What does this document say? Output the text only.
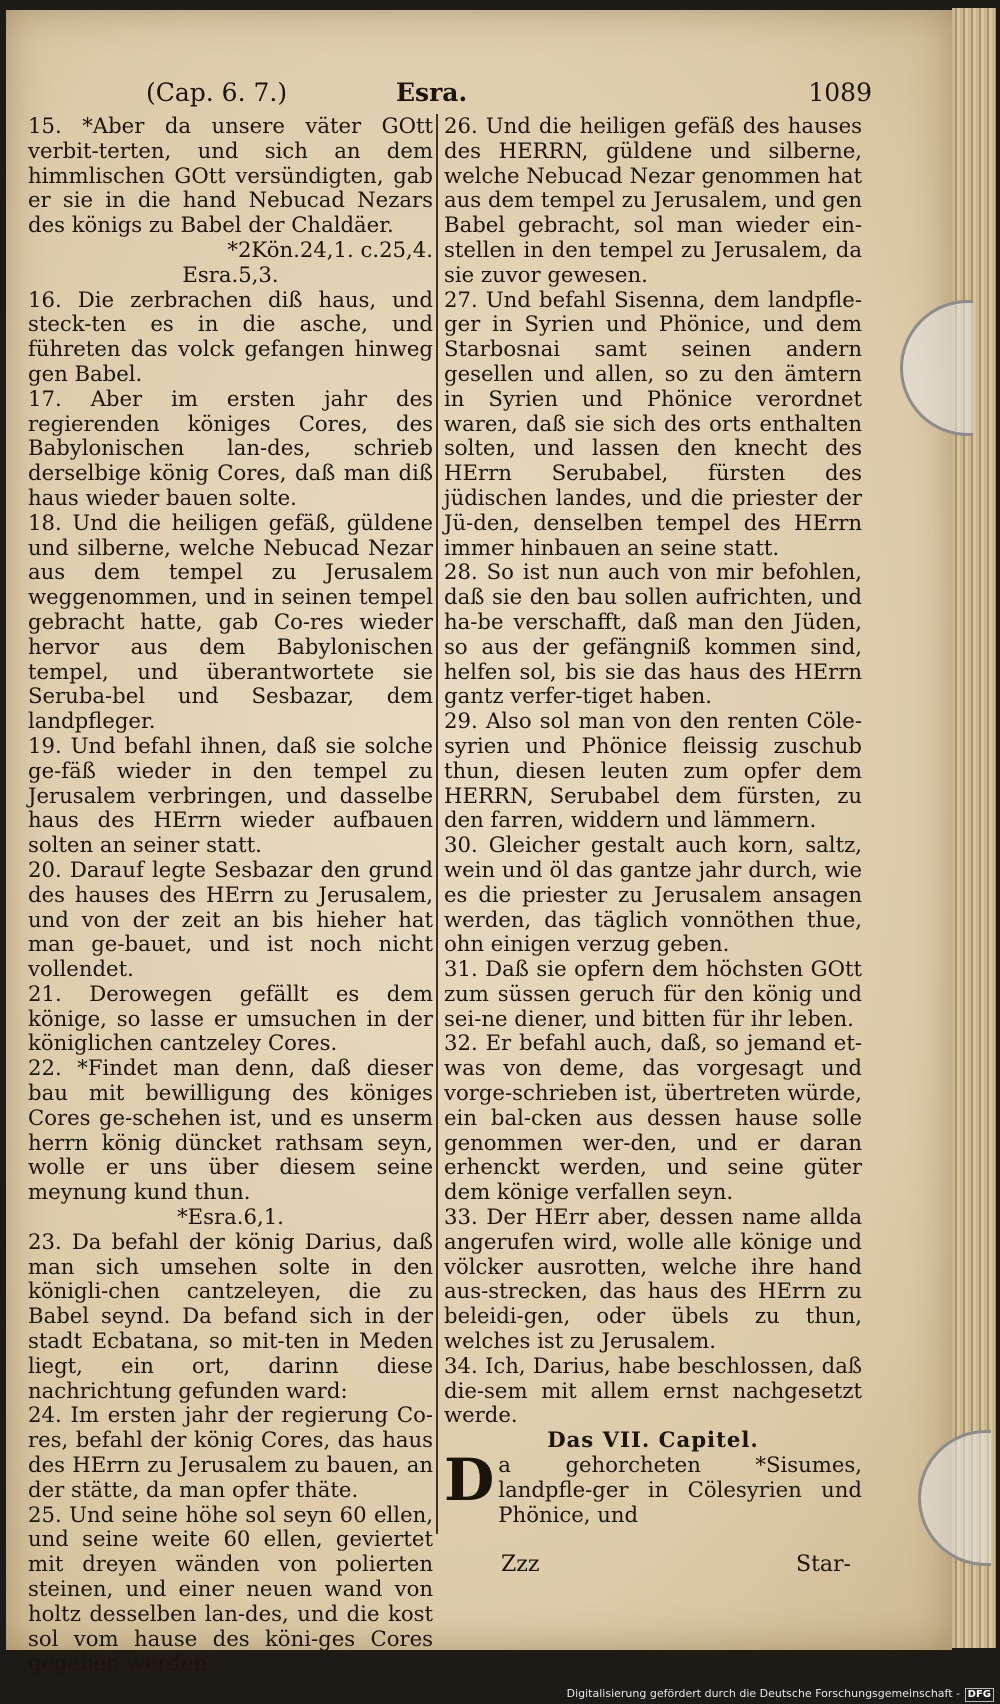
(Cap. 6. 7.)	Esra.	1089

15. *Aber da unsere väter GOtt verbit-terten, und sich an dem himmlischen GOtt versündigten, gab er sie in die hand Nebucad Nezars des königs zu Babel der Chaldäer.

*2Kön.24,1. c.25,4.

Esra.5,3.

16. Die zerbrachen diß haus, und steck-ten es in die asche, und führeten das volck gefangen hinweg gen Babel.

17. Aber im ersten jahr des regierenden königes Cores, des Babylonischen lan-des, schrieb derselbige könig Cores, daß man diß haus wieder bauen solte.

18. Und die heiligen gefäß, güldene und silberne, welche Nebucad Nezar aus dem tempel zu Jerusalem weggenommen, und in seinen tempel gebracht hatte, gab Co-res wieder hervor aus dem Babylonischen tempel, und überantwortete sie Seruba-bel und Sesbazar, dem landpfleger.

19. Und befahl ihnen, daß sie solche ge-fäß wieder in den tempel zu Jerusalem verbringen, und dasselbe haus des HErrn wieder aufbauen solten an seiner statt.

20. Darauf legte Sesbazar den grund des hauses des HErrn zu Jerusalem, und von der zeit an bis hieher hat man ge-bauet, und ist noch nicht vollendet.

21. Derowegen gefällt es dem könige, so lasse er umsuchen in der königlichen cantzeley Cores.

22. *Findet man denn, daß dieser bau mit bewilligung des königes Cores ge-schehen ist, und es unserm herrn könig düncket rathsam seyn, wolle er uns über diesem seine meynung kund thun.

*Esra.6,1.

23. Da befahl der könig Darius, daß man sich umsehen solte in den königli-chen cantzeleyen, die zu Babel seynd. Da befand sich in der stadt Ecbatana, so mit-ten in Meden liegt, ein ort, darinn diese nachrichtung gefunden ward:

24. Im ersten jahr der regierung Co-res, befahl der könig Cores, das haus des HErrn zu Jerusalem zu bauen, an der stätte, da man opfer thäte.

25. Und seine höhe sol seyn 60 ellen, und seine weite 60 ellen, geviertet mit dreyen wänden von polierten steinen, und einer neuen wand von holtz desselben lan-des, und die kost sol vom hause des köni-ges Cores gegeben werden.

26. Und die heiligen gefäß des hauses des HERRN, güldene und silberne, welche Nebucad Nezar genommen hat aus dem tempel zu Jerusalem, und gen Babel gebracht, sol man wieder ein-stellen in den tempel zu Jerusalem, da sie zuvor gewesen.

27. Und befahl Sisenna, dem landpfle-ger in Syrien und Phönice, und dem Starbosnai samt seinen andern gesellen und allen, so zu den ämtern in Syrien und Phönice verordnet waren, daß sie sich des orts enthalten solten, und lassen den knecht des HErrn Serubabel, fürsten des jüdischen landes, und die priester der Jü-den, denselben tempel des HErrn immer hinbauen an seine statt.

28. So ist nun auch von mir befohlen, daß sie den bau sollen aufrichten, und ha-be verschafft, daß man den Jüden, so aus der gefängniß kommen sind, helfen sol, bis sie das haus des HErrn gantz verfer-tiget haben.

29. Also sol man von den renten Cöle-syrien und Phönice fleissig zuschub thun, diesen leuten zum opfer dem HERRN, Serubabel dem fürsten, zu den farren, widdern und lämmern.

30. Gleicher gestalt auch korn, saltz, wein und öl das gantze jahr durch, wie es die priester zu Jerusalem ansagen werden, das täglich vonnöthen thue, ohn einigen verzug geben.

31. Daß sie opfern dem höchsten GOtt zum süssen geruch für den könig und sei-ne diener, und bitten für ihr leben.

32. Er befahl auch, daß, so jemand et-was von deme, das vorgesagt und vorge-schrieben ist, übertreten würde, ein bal-cken aus dessen hause solle genommen wer-den, und er daran erhenckt werden, und seine güter dem könige verfallen seyn.

33. Der HErr aber, dessen name allda angerufen wird, wolle alle könige und völcker ausrotten, welche ihre hand aus-strecken, das haus des HErrn zu beleidi-gen, oder übels zu thun, welches ist zu Jerusalem.

34. Ich, Darius, habe beschlossen, daß die-sem mit allem ernst nachgesetzt werde.

Das VII. Capitel.

D a gehorcheten *Sisumes, landpfle-ger in Cölesyrien und Phönice, und
Zzz	Star-
Digitalisierung gefördert durch die Deutsche Forschungsgemeinschaft - DFG
